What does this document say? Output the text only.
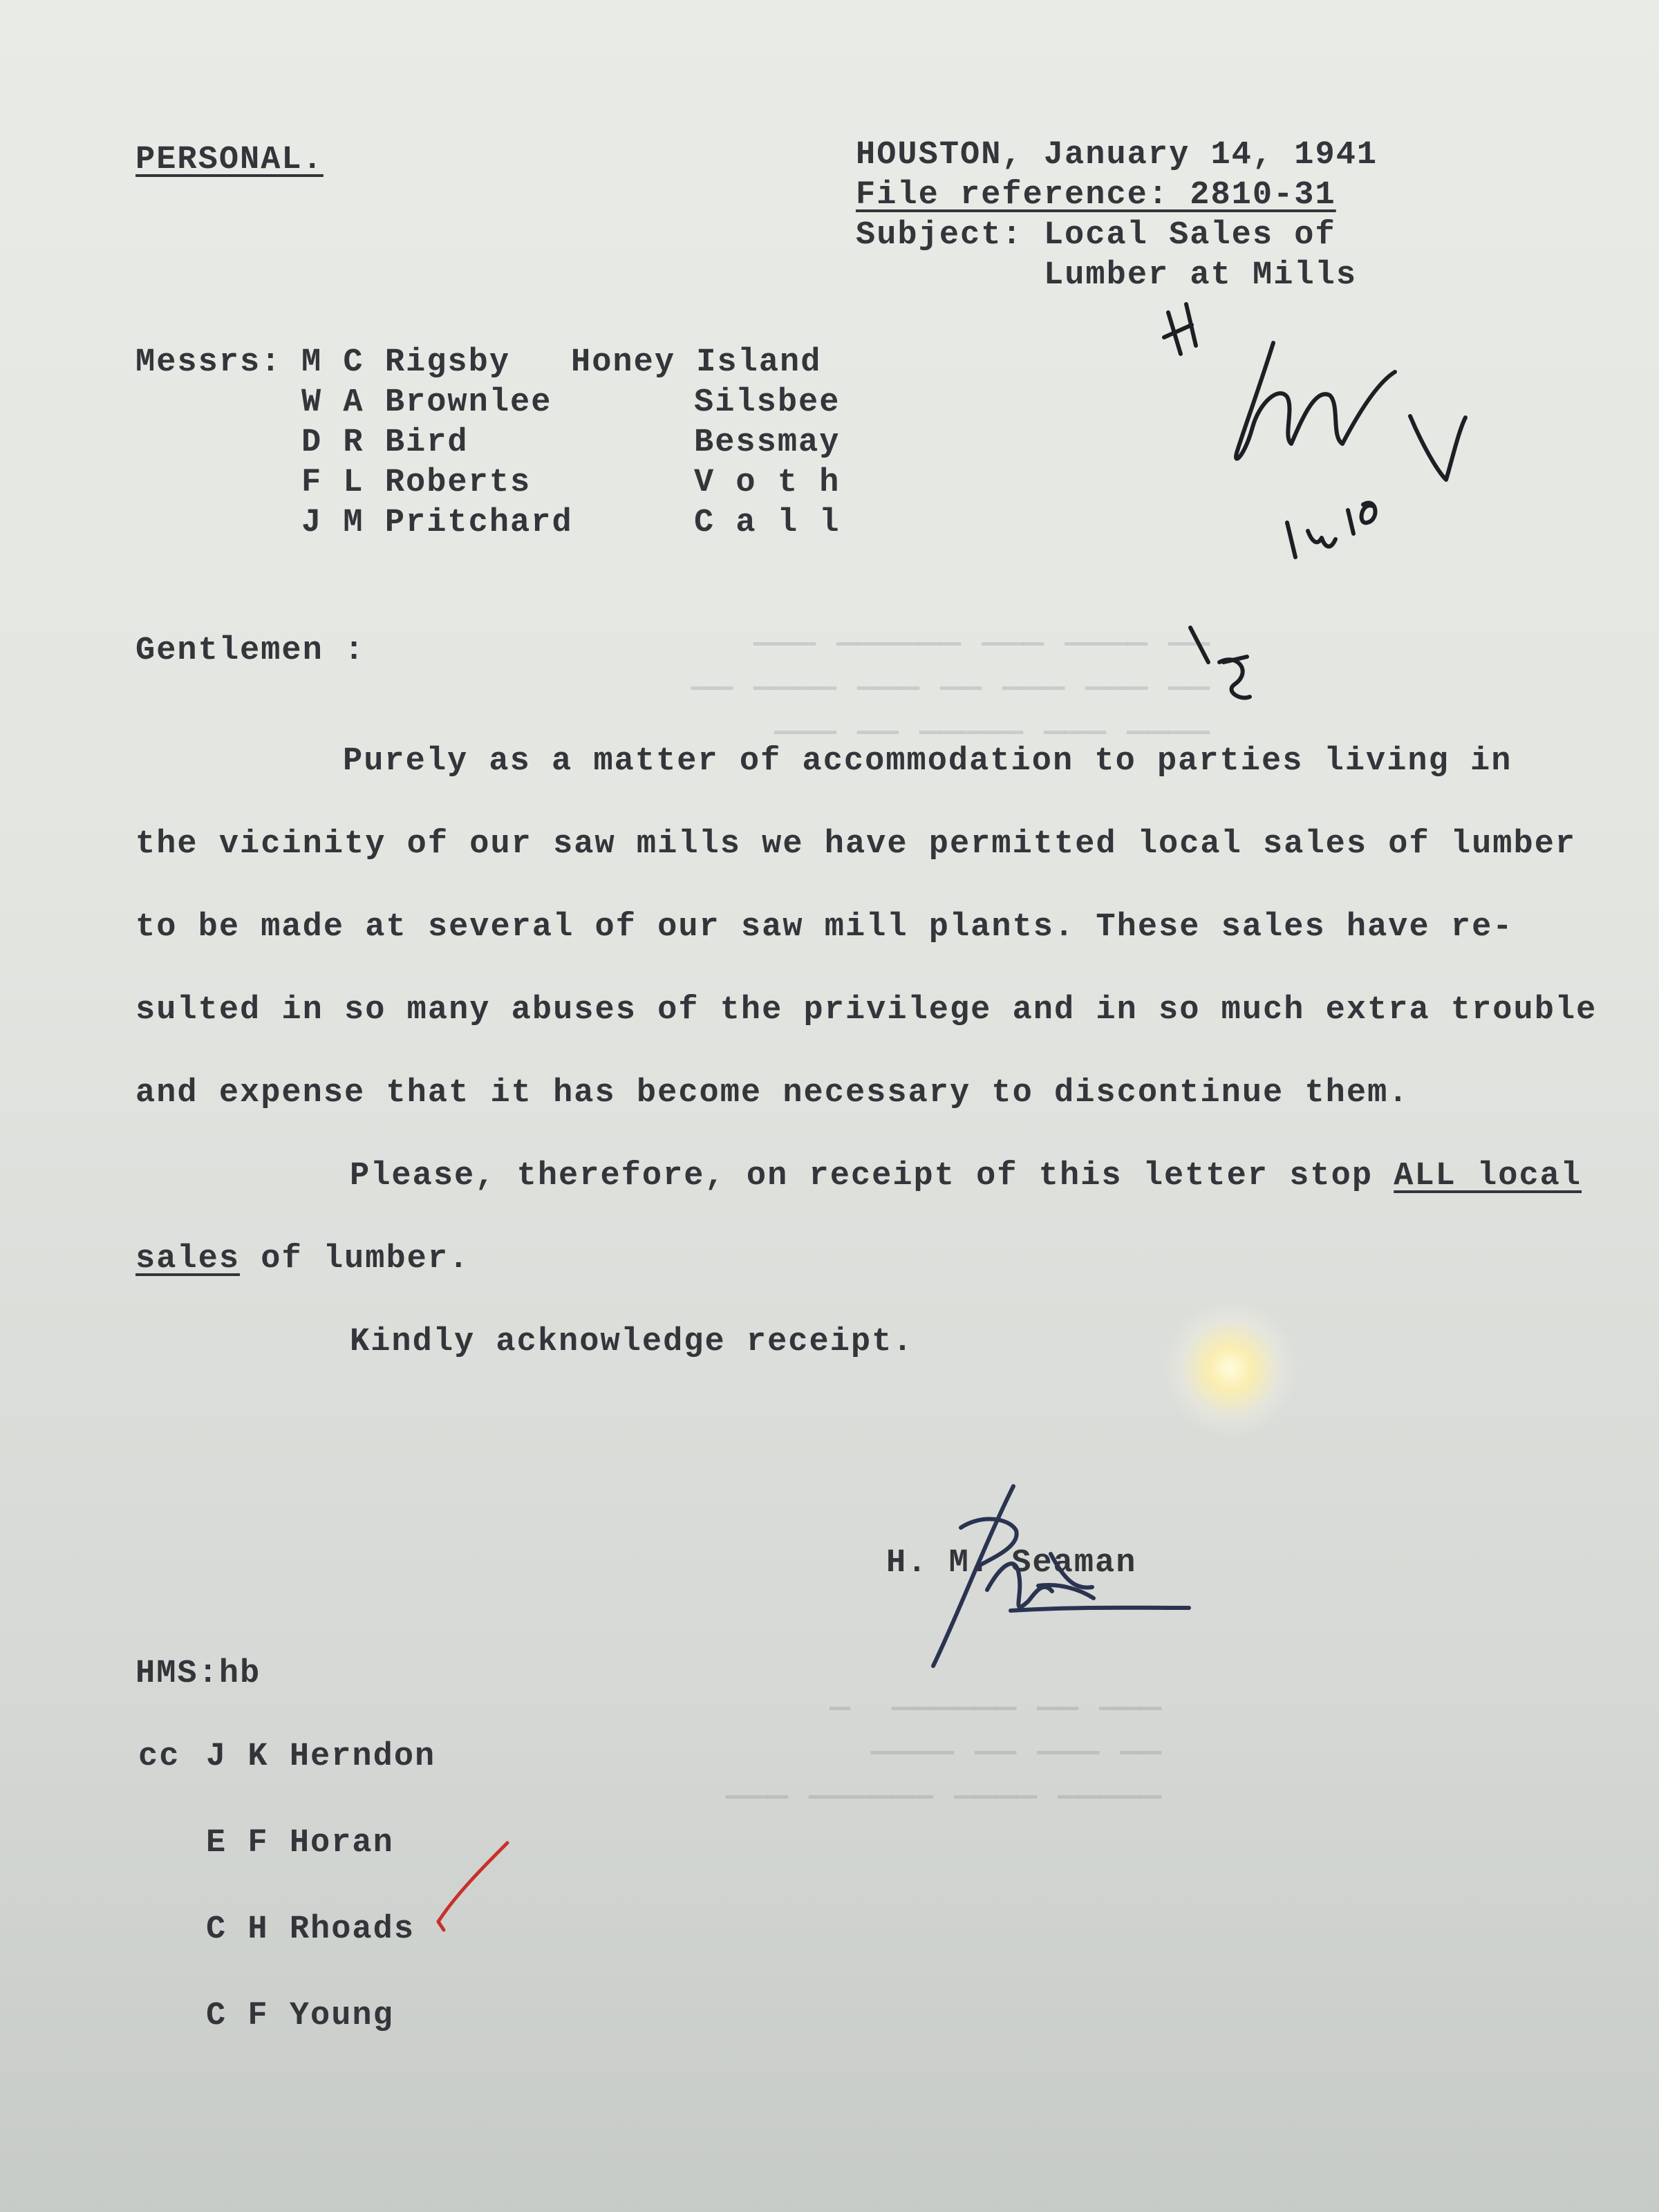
—— ———— ——— —————— ———
—— ——— ——— —— ——— ———— ——
———— ——— ————— —— ———
——— —— ——————  —
—— ——— —— ————
————— ———— —————— ———
PERSONAL.	HOUSTON, January 14, 1941
File reference: 2810-31
Subject: Local Sales of
Lumber at Mills
Messrs: M C Rigsby
W A Brownlee
D R Bird
F L Roberts
J M Pritchard
Honey Island
Silsbee
Bessmay
V o t h
C a l l
Gentlemen :
Purely as a matter of accommodation to parties living in
the vicinity of our saw mills we have permitted local sales of lumber
to be made at several of our saw mill plants. These sales have re-
sulted in so many abuses of the privilege and in so much extra trouble
and expense that it has become necessary to discontinue them.
Please, therefore, on receipt of this letter stop ALL local
sales of lumber.
Kindly acknowledge receipt.
H. M. Seaman
HMS:hb
cc J K Herndon
E F Horan
C H Rhoads
C F Young
